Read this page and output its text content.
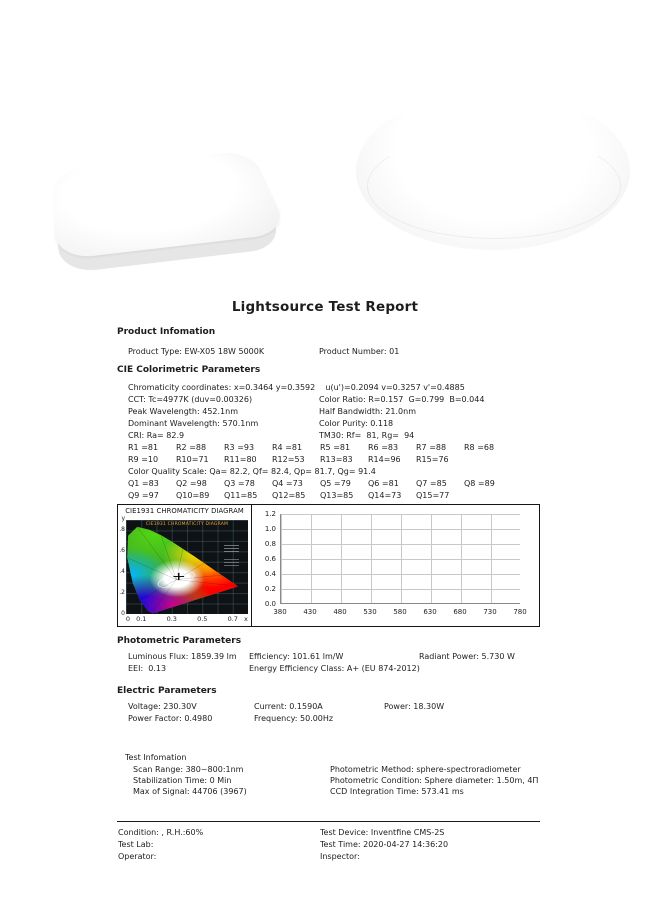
Lightsource Test Report
Product Infomation
Product Type: EW-X05 18W 5000K	Product Number: 01
CIE Colorimetric Parameters
Chromaticity coordinates: x=0.3464 y=0.3592    u(u')=0.2094 v=0.3257 v'=0.4885
CCT: Tc=4977K (duv=0.00326)	Color Ratio: R=0.157  G=0.799  B=0.044
Peak Wavelength: 452.1nm	Half Bandwidth: 21.0nm
Dominant Wavelength: 570.1nm	Color Purity: 0.118
CRI: Ra= 82.9	TM30: Rf=  81, Rg=  94
R1 =81 R2 =88 R3 =93 R4 =81 R5 =81 R6 =83 R7 =88 R8 =68
R9 =10 R10=71 R11=80 R12=53 R13=83 R14=96 R15=76
Color Quality Scale: Qa= 82.2, Qf= 82.4, Qp= 81.7, Qg= 91.4
Q1 =83 Q2 =98 Q3 =78 Q4 =73 Q5 =79 Q6 =81 Q7 =85 Q8 =89
Q9 =97 Q10=89 Q11=85 Q12=85 Q13=85 Q14=73 Q15=77
CIE1931 CHROMATICITY DIAGRAM
y
.8
.6
.4
.2
0
CIE1931 CHROMATICITY DIAGRAM
0 0.1	0.3	0.5	0.7 x
1.2
1.0
0.8
0.6
0.4
0.2
0.0
380	430	480	530	580	630	680	730	780
Photometric Parameters
Luminous Flux: 1859.39 lm Efficiency: 101.61 lm/W	Radiant Power: 5.730 W
EEI:  0.13	Energy Efficiency Class: A+ (EU 874-2012)
Electric Parameters
Voltage: 230.30V	Current: 0.1590A	Power: 18.30W
Power Factor: 0.4980	Frequency: 50.00Hz
Test Infomation
Scan Range: 380~800:1nm	Photometric Method: sphere-spectroradiometer
Stabilization Time: 0 Min	Photometric Condition: Sphere diameter: 1.50m, 4Π
Max of Signal: 44706 (3967)	CCD Integration Time: 573.41 ms
Condition: , R.H.:60%	Test Device: Inventfine CMS-2S
Test Lab:	Test Time: 2020-04-27 14:36:20
Operator:	Inspector:
